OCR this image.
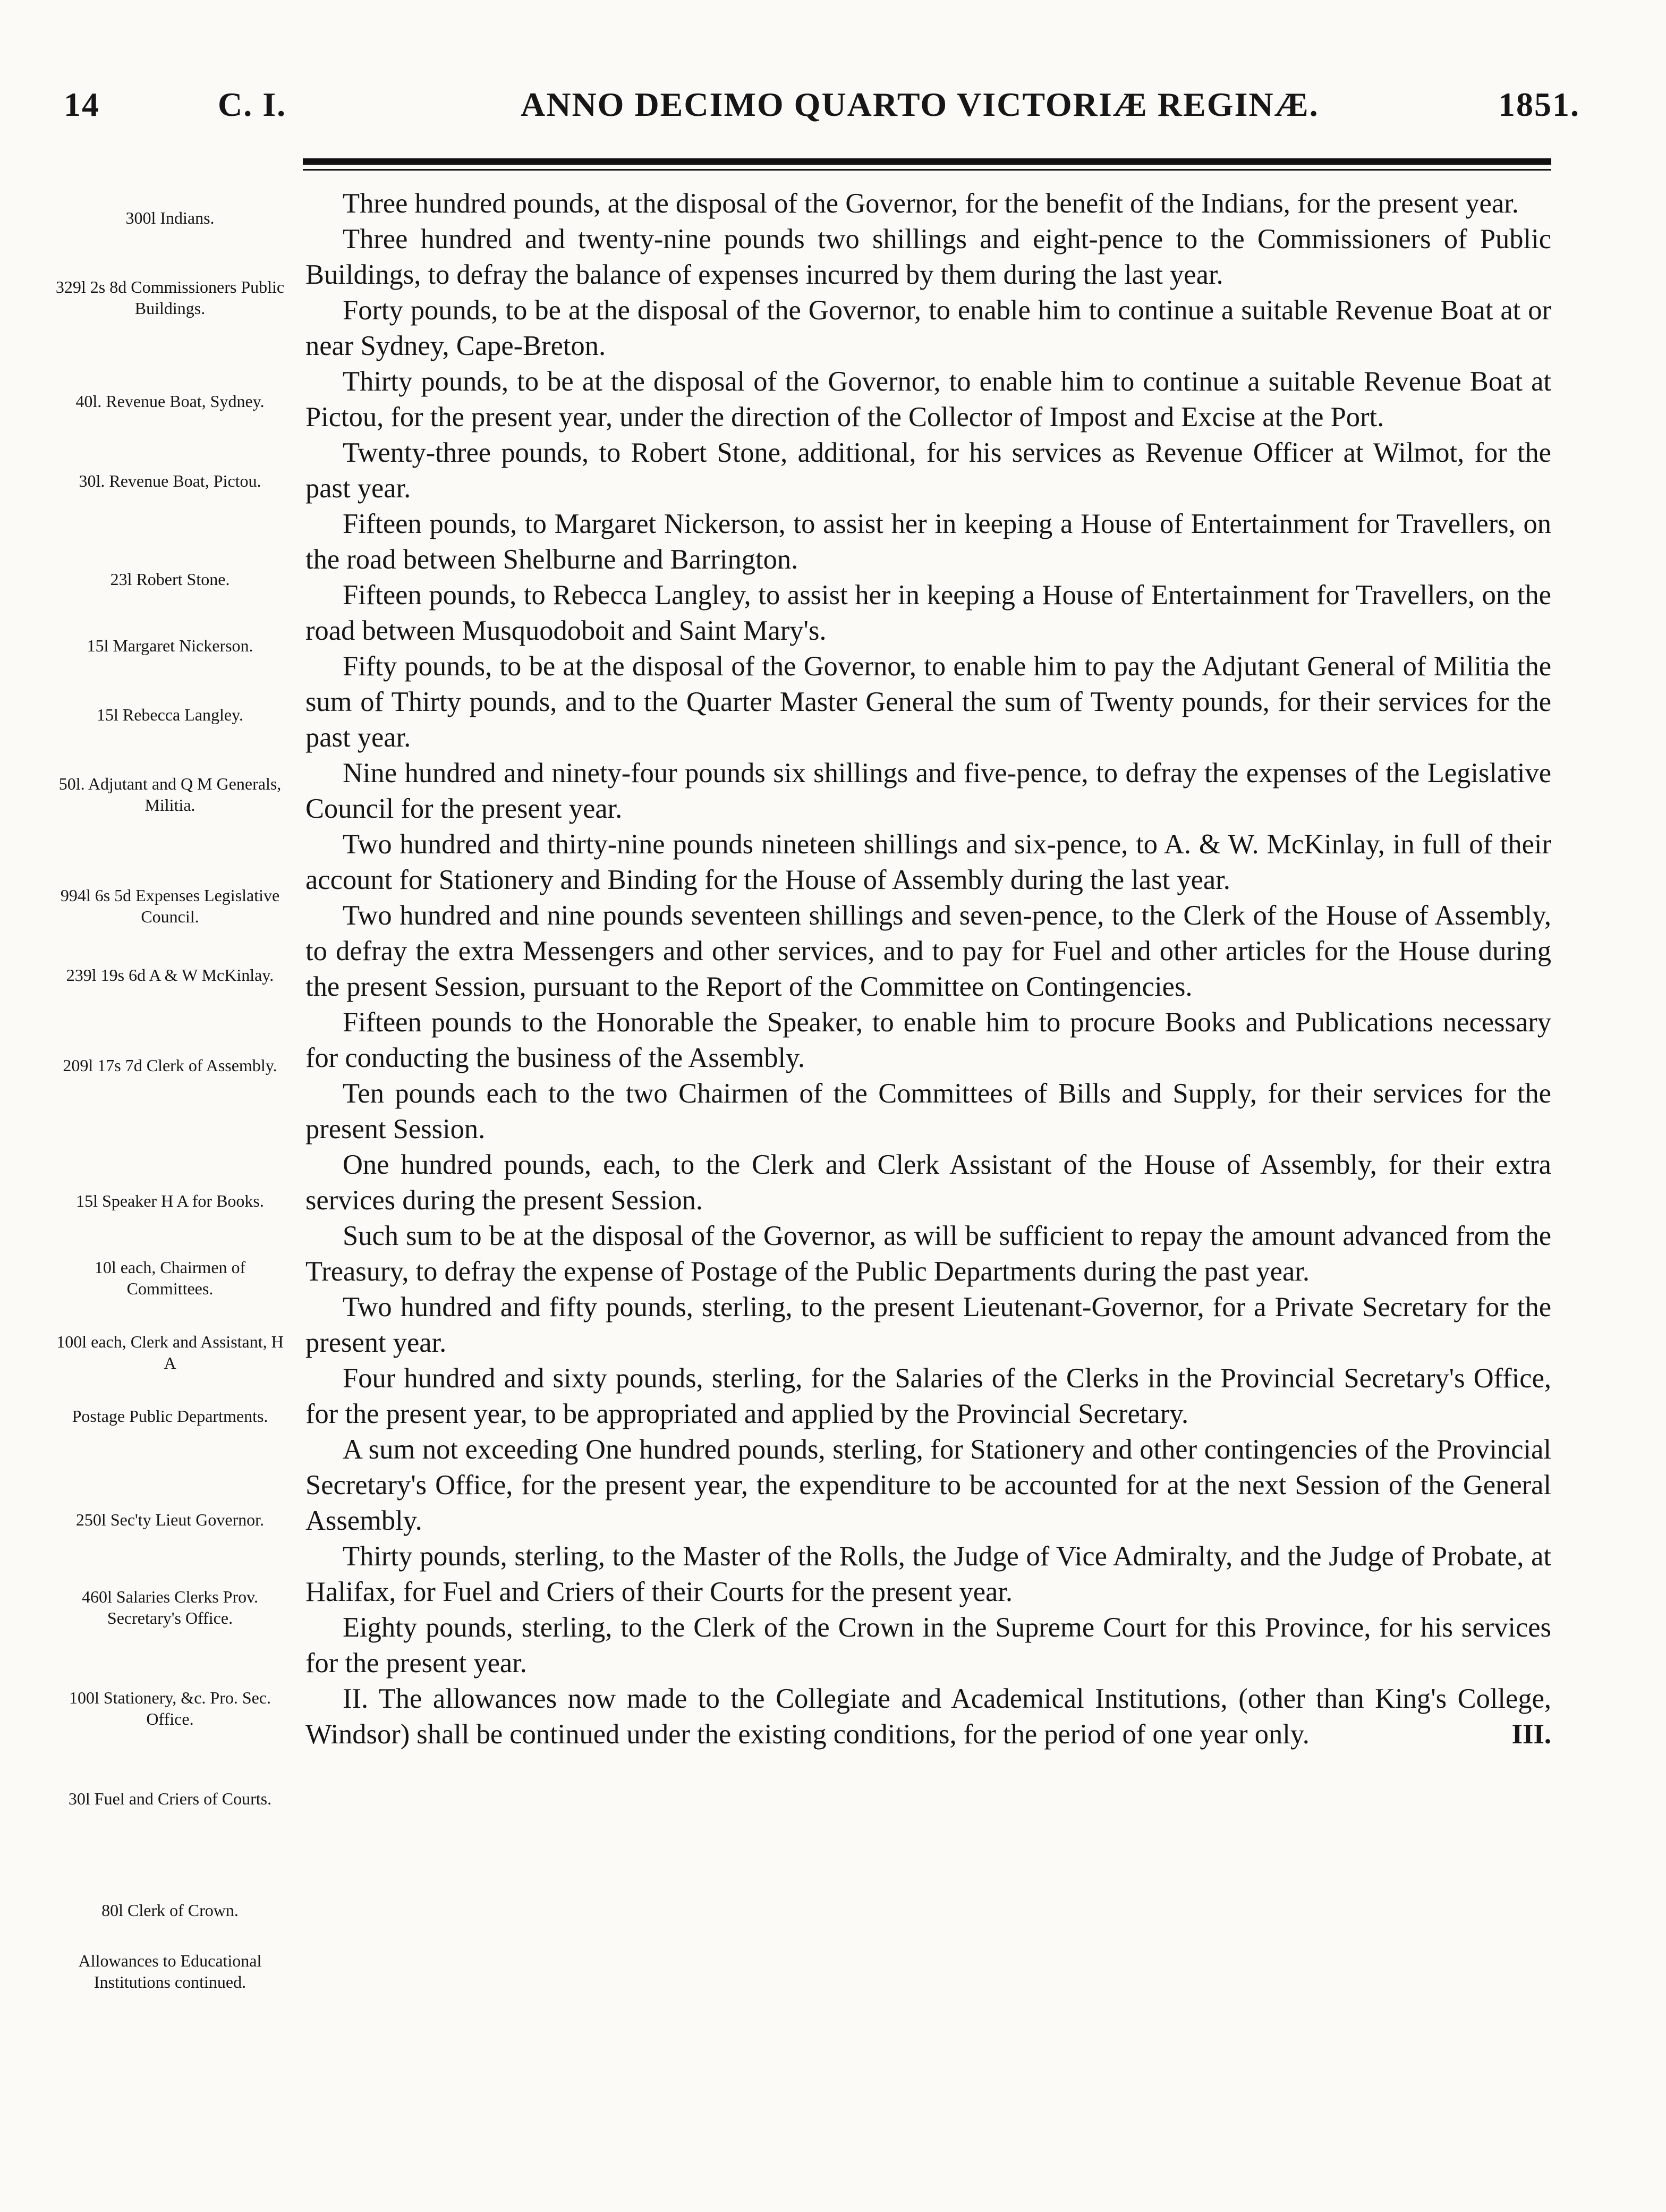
14	C. I.	ANNO DECIMO QUARTO VICTORIÆ REGINÆ.	1851.
300l Indians.
329l 2s 8d Commissioners Public Buildings.
40l. Revenue Boat, Sydney.
30l. Revenue Boat, Pictou.
23l Robert Stone.
15l Margaret Nickerson.
15l Rebecca Langley.
50l. Adjutant and Q M Generals, Militia.
994l 6s 5d Expenses Legislative Council.
239l 19s 6d A & W McKinlay.
209l 17s 7d Clerk of Assembly.
15l Speaker H A for Books.
10l each, Chairmen of Committees.
100l each, Clerk and Assistant, H A
Postage Public Departments.
250l Sec'ty Lieut Governor.
460l Salaries Clerks Prov. Secretary's Office.
100l Stationery, &c. Pro. Sec. Office.
30l Fuel and Criers of Courts.
80l Clerk of Crown.
Allowances to Educational Institutions continued.

Three hundred pounds, at the disposal of the Governor, for the benefit of the Indians, for the present year.

Three hundred and twenty-nine pounds two shillings and eight-pence to the Commissioners of Public Buildings, to defray the balance of expenses incurred by them during the last year.

Forty pounds, to be at the disposal of the Governor, to enable him to continue a suitable Revenue Boat at or near Sydney, Cape-Breton.

Thirty pounds, to be at the disposal of the Governor, to enable him to continue a suitable Revenue Boat at Pictou, for the present year, under the direction of the Collector of Impost and Excise at the Port.

Twenty-three pounds, to Robert Stone, additional, for his services as Revenue Officer at Wilmot, for the past year.

Fifteen pounds, to Margaret Nickerson, to assist her in keeping a House of Entertainment for Travellers, on the road between Shelburne and Barrington.

Fifteen pounds, to Rebecca Langley, to assist her in keeping a House of Entertainment for Travellers, on the road between Musquodoboit and Saint Mary's.

Fifty pounds, to be at the disposal of the Governor, to enable him to pay the Adjutant General of Militia the sum of Thirty pounds, and to the Quarter Master General the sum of Twenty pounds, for their services for the past year.

Nine hundred and ninety-four pounds six shillings and five-pence, to defray the expenses of the Legislative Council for the present year.

Two hundred and thirty-nine pounds nineteen shillings and six-pence, to A. & W. McKinlay, in full of their account for Stationery and Binding for the House of Assembly during the last year.

Two hundred and nine pounds seventeen shillings and seven-pence, to the Clerk of the House of Assembly, to defray the extra Messengers and other services, and to pay for Fuel and other articles for the House during the present Session, pursuant to the Report of the Committee on Contingencies.

Fifteen pounds to the Honorable the Speaker, to enable him to procure Books and Publications necessary for conducting the business of the Assembly.

Ten pounds each to the two Chairmen of the Committees of Bills and Supply, for their services for the present Session.

One hundred pounds, each, to the Clerk and Clerk Assistant of the House of Assembly, for their extra services during the present Session.

Such sum to be at the disposal of the Governor, as will be sufficient to repay the amount advanced from the Treasury, to defray the expense of Postage of the Public Departments during the past year.

Two hundred and fifty pounds, sterling, to the present Lieutenant-Governor, for a Private Secretary for the present year.

Four hundred and sixty pounds, sterling, for the Salaries of the Clerks in the Provincial Secretary's Office, for the present year, to be appropriated and applied by the Provincial Secretary.

A sum not exceeding One hundred pounds, sterling, for Stationery and other contingencies of the Provincial Secretary's Office, for the present year, the expenditure to be accounted for at the next Session of the General Assembly.

Thirty pounds, sterling, to the Master of the Rolls, the Judge of Vice Admiralty, and the Judge of Probate, at Halifax, for Fuel and Criers of their Courts for the present year.

Eighty pounds, sterling, to the Clerk of the Crown in the Supreme Court for this Province, for his services for the present year.

II. The allowances now made to the Collegiate and Academical Institutions, (other than King's College, Windsor) shall be continued under the existing conditions, for the period of one year only.	III.
